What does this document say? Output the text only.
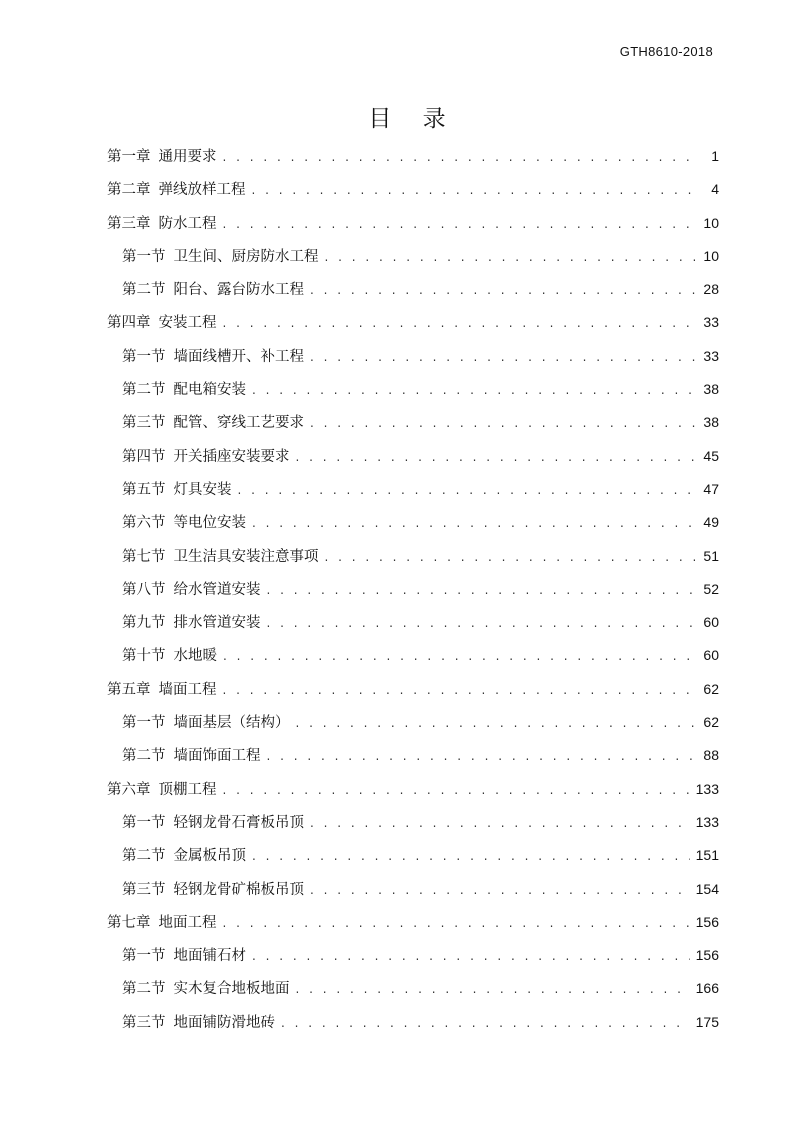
GTH8610-2018
目 录
第一章 通用要求 . . .	1
第二章 弹线放样工程 . . .	4
第三章 防水工程 . . .	10
第一节 卫生间、厨房防水工程 . . .	10
第二节 阳台、露台防水工程 . . .	28
第四章 安装工程 . . .	33
第一节 墙面线槽开、补工程 . . .	33
第二节 配电箱安装 . . .	38
第三节 配管、穿线工艺要求 . . .	38
第四节 开关插座安装要求 . . .	45
第五节 灯具安装 . . .	47
第六节 等电位安装 . . .	49
第七节 卫生洁具安装注意事项 . . .	51
第八节 给水管道安装 . . .	52
第九节 排水管道安装 . . .	60
第十节 水地暖 . . .	60
第五章 墙面工程 . . .	62
第一节 墙面基层（结构） . . .	62
第二节 墙面饰面工程 . . .	88
第六章 顶棚工程 . . .	133
第一节 轻钢龙骨石膏板吊顶 . . .	133
第二节 金属板吊顶 . . .	151
第三节 轻钢龙骨矿棉板吊顶 . . .	154
第七章 地面工程 . . .	156
第一节 地面铺石材 . . .	156
第二节 实木复合地板地面 . . .	166
第三节 地面铺防滑地砖 . . .	175
